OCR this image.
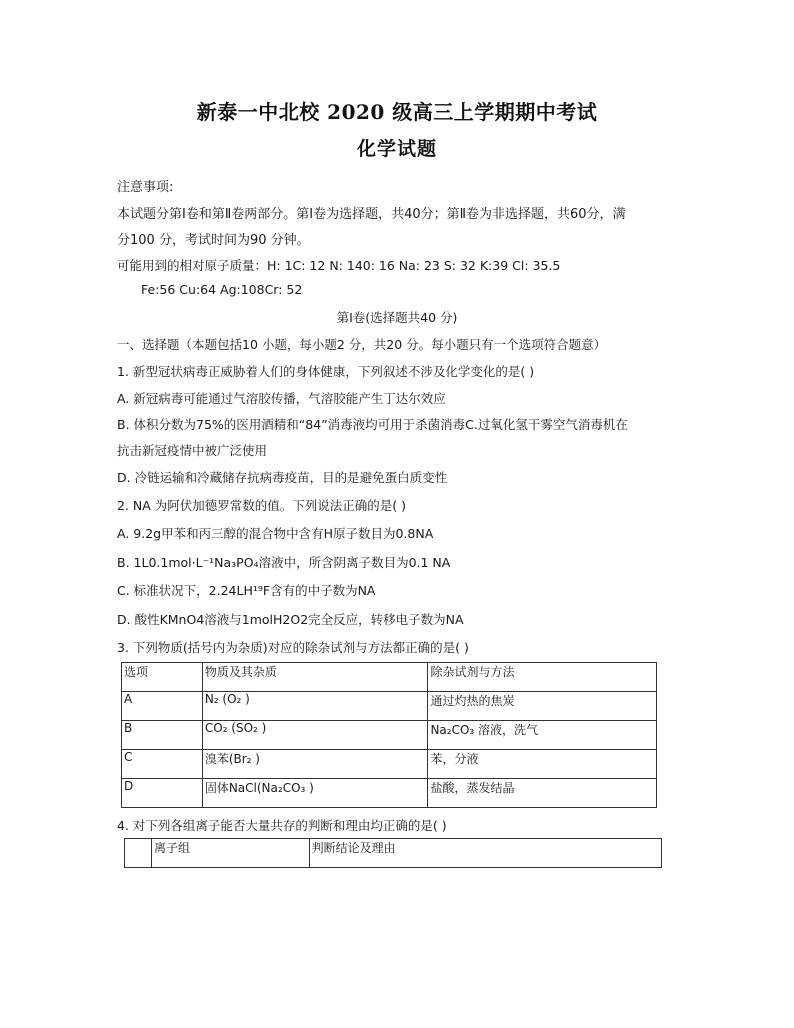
新泰一中北校 2020 级高三上学期期中考试
化学试题
注意事项:
本试题分第Ⅰ卷和第Ⅱ卷两部分。第Ⅰ卷为选择题，共40分；第Ⅱ卷为非选择题，共60分，满
分100 分，考试时间为90 分钟。
可能用到的相对原子质量：H: 1C: 12 N: 140: 16 Na: 23 S: 32 K:39 Cl: 35.5
Fe:56 Cu:64 Ag:108Cr: 52
第Ⅰ卷(选择题共40 分)
一、选择题（本题包括10 小题，每小题2 分，共20 分。每小题只有一个选项符合题意）
1. 新型冠状病毒正威胁着人们的身体健康，下列叙述不涉及化学变化的是( )
A. 新冠病毒可能通过气溶胶传播，气溶胶能产生丁达尔效应
B. 体积分数为75%的医用酒精和“84”消毒液均可用于杀菌消毒C.过氧化氢干雾空气消毒机在
抗击新冠疫情中被广泛使用
D. 冷链运输和冷藏储存抗病毒疫苗，目的是避免蛋白质变性
2. NA 为阿伏加德罗常数的值。下列说法正确的是( )
A. 9.2g甲苯和丙三醇的混合物中含有H原子数目为0.8NA
B. 1L0.1mol·L⁻¹Na₃PO₄溶液中，所含阴离子数目为0.1 NA
C. 标准状况下，2.24LH¹⁹F含有的中子数为NA
D. 酸性KMnO4溶液与1molH2O2完全反应，转移电子数为NA
3. 下列物质(括号内为杂质)对应的除杂试剂与方法都正确的是( )
选项	物质及其杂质	除杂试剂与方法
A	N₂ (O₂ )	通过灼热的焦炭
B	CO₂ (SO₂ )	Na₂CO₃ 溶液，洗气
C	溴苯(Br₂ )	苯，分液
D	固体NaCl(Na₂CO₃ )	盐酸，蒸发结晶
4. 对下列各组离子能否大量共存的判断和理由均正确的是( )
	离子组	判断结论及理由
